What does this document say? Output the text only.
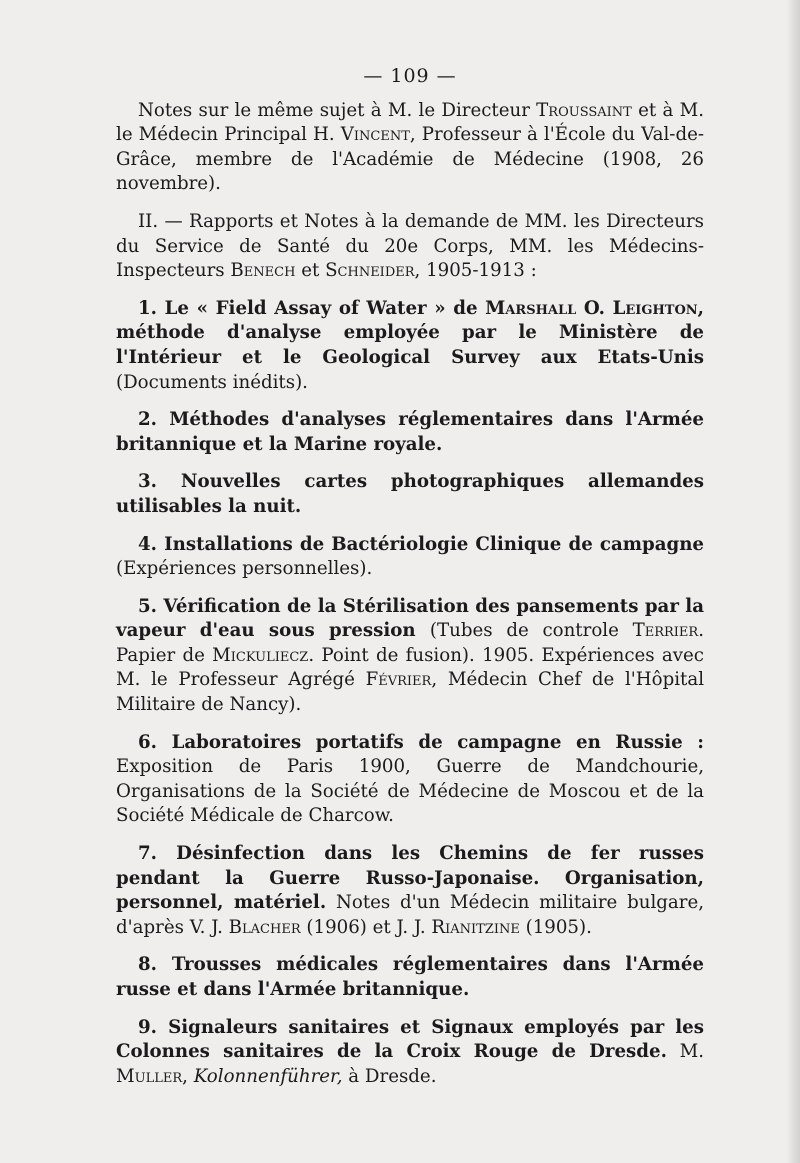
— 109 —

Notes sur le même sujet à M. le Directeur Troussaint et à M. le Médecin Principal H. Vincent, Professeur à l'École du Val-de-Grâce, membre de l'Académie de Médecine (1908, 26 novembre).

II. — Rapports et Notes à la demande de MM. les Directeurs du Service de Santé du 20e Corps, MM. les Médecins-Inspecteurs Benech et Schneider, 1905-1913 :

1. Le « Field Assay of Water » de Marshall O. Leighton, méthode d'analyse employée par le Ministère de l'Intérieur et le Geological Survey aux Etats-Unis (Documents inédits).

2. Méthodes d'analyses réglementaires dans l'Armée britannique et la Marine royale.

3. Nouvelles cartes photographiques allemandes utilisables la nuit.

4. Installations de Bactériologie Clinique de campagne (Expériences personnelles).

5. Vérification de la Stérilisation des pansements par la vapeur d'eau sous pression (Tubes de controle Terrier. Papier de Mickuliecz. Point de fusion). 1905. Expériences avec M. le Professeur Agrégé Février, Médecin Chef de l'Hôpital Militaire de Nancy).

6. Laboratoires portatifs de campagne en Russie : Exposition de Paris 1900, Guerre de Mandchourie, Organisations de la Société de Médecine de Moscou et de la Société Médicale de Charcow.

7. Désinfection dans les Chemins de fer russes pendant la Guerre Russo-Japonaise. Organisation, personnel, matériel. Notes d'un Médecin militaire bulgare, d'après V. J. Blacher (1906) et J. J. Rianitzine (1905).

8. Trousses médicales réglementaires dans l'Armée russe et dans l'Armée britannique.

9. Signaleurs sanitaires et Signaux employés par les Colonnes sanitaires de la Croix Rouge de Dresde. M. Muller, Kolonnenführer, à Dresde.
